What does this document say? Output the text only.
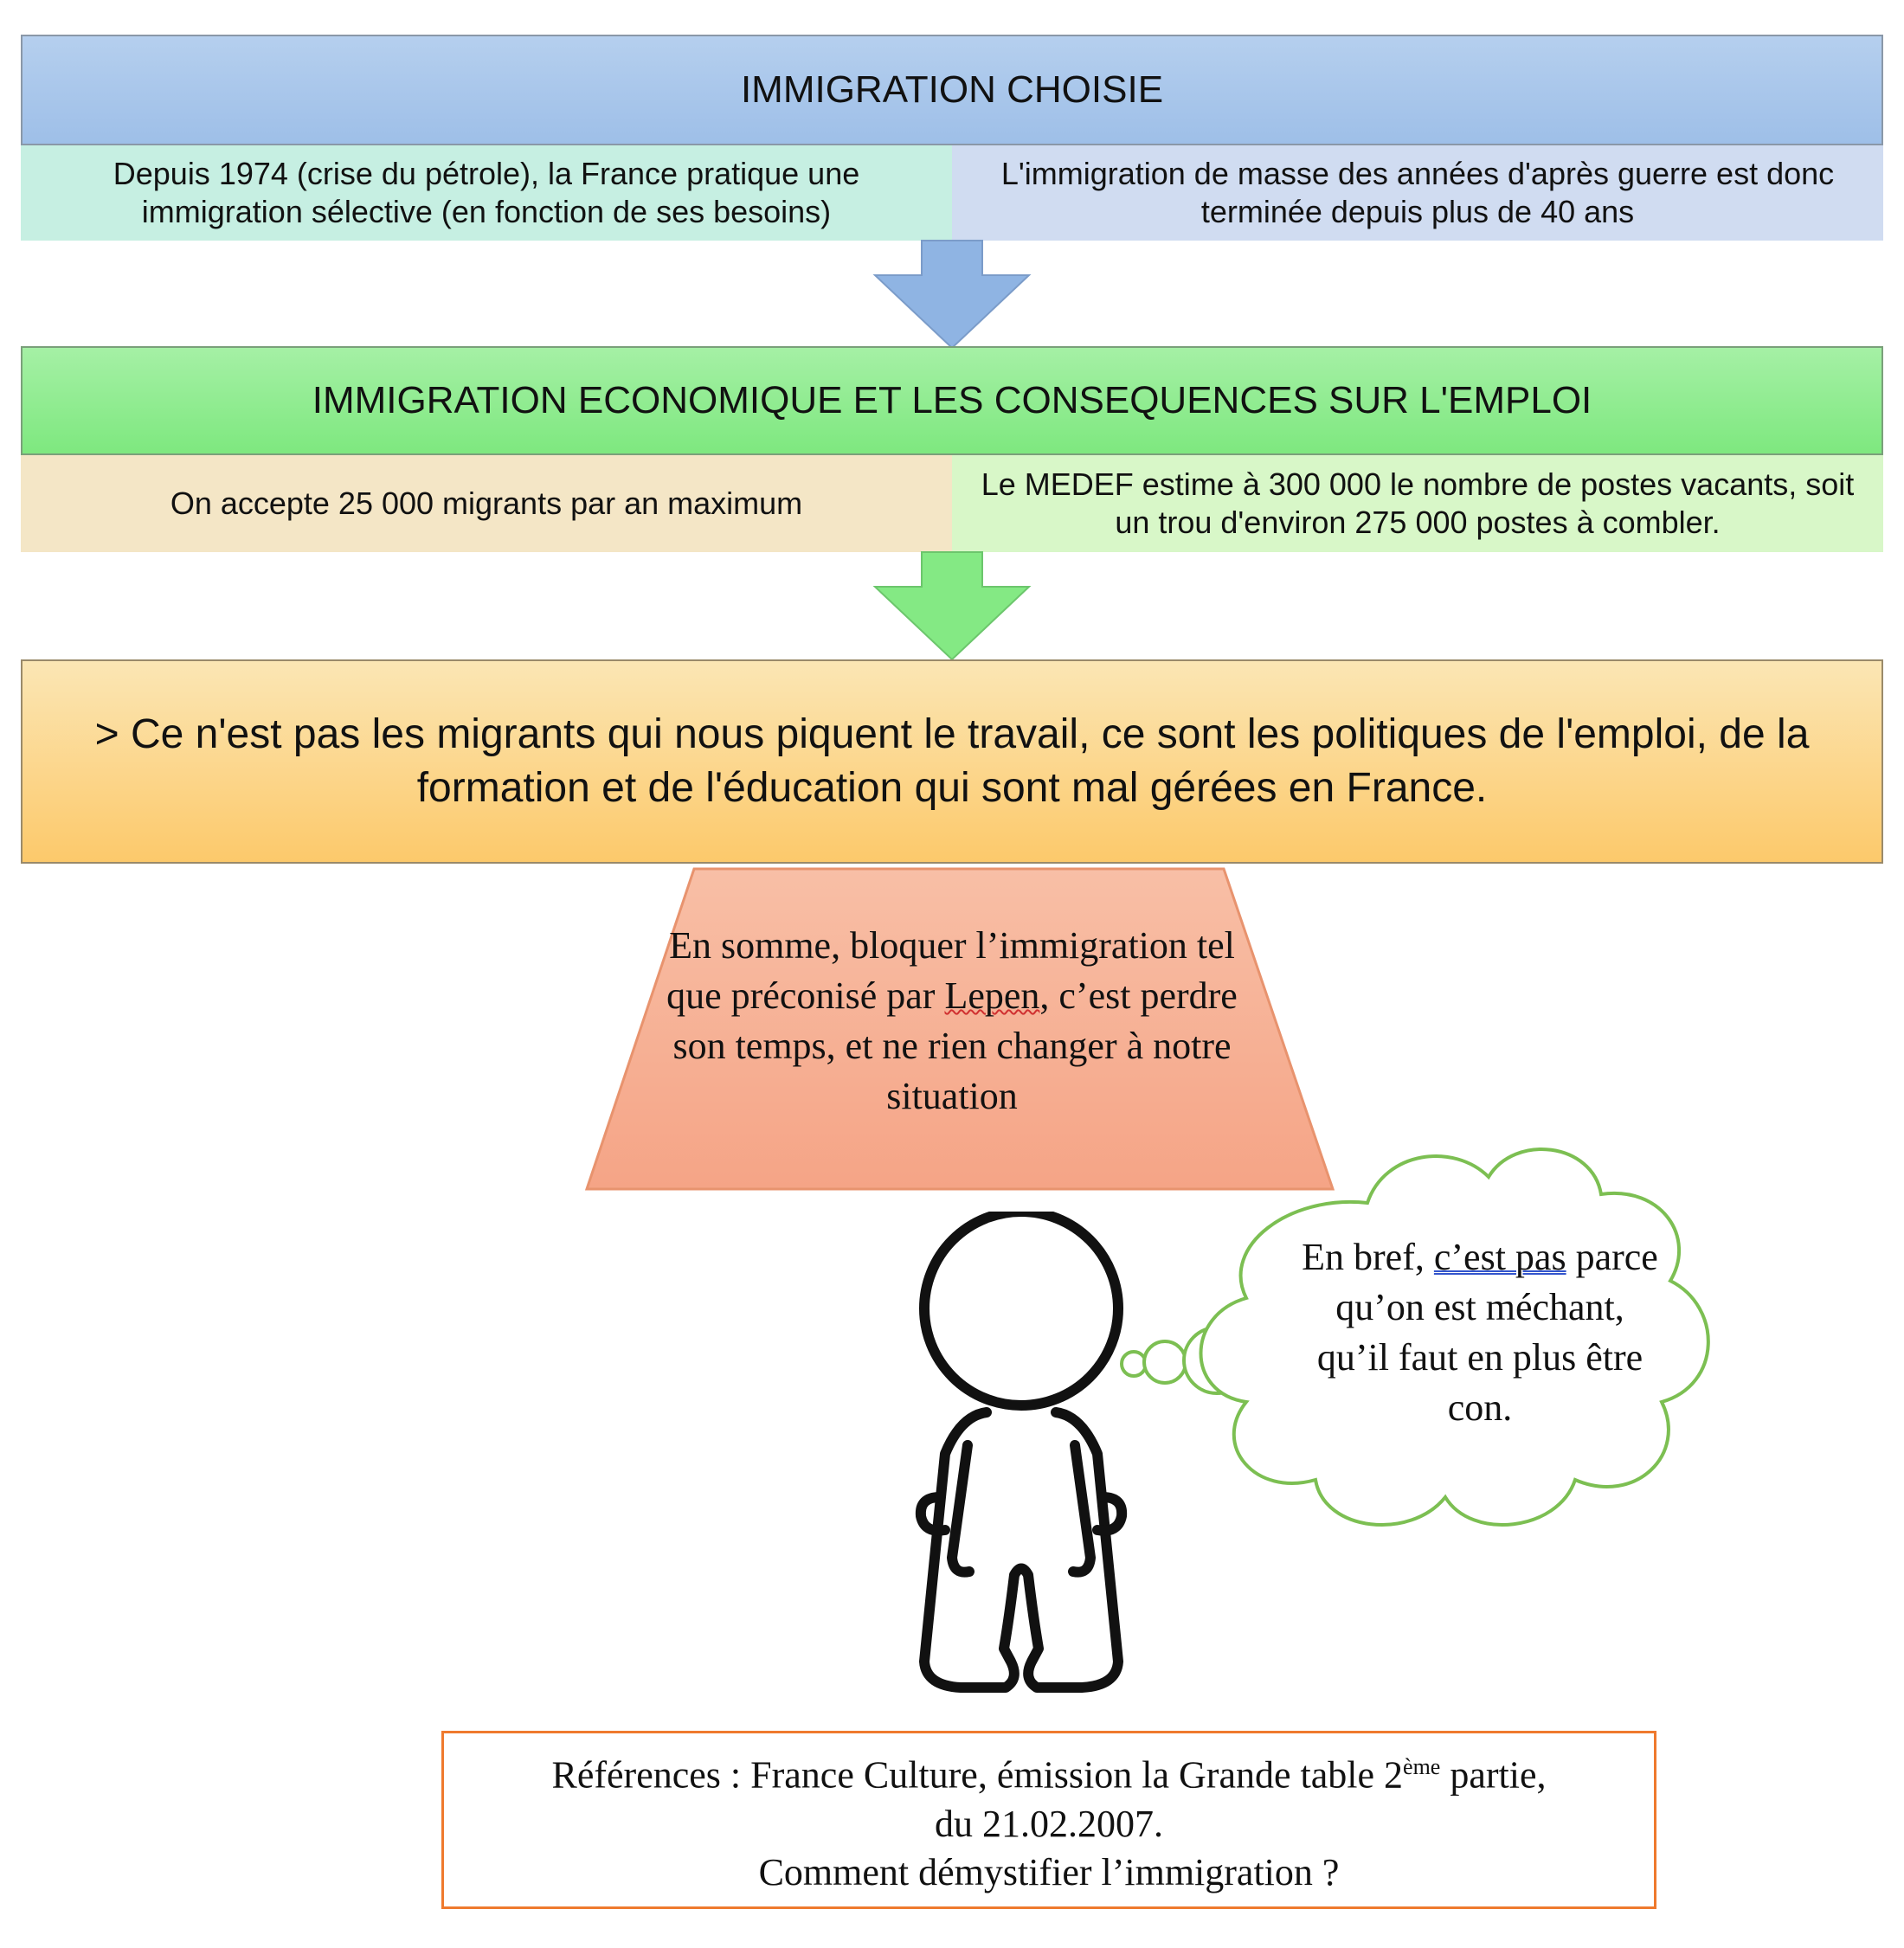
IMMIGRATION CHOISIE
Depuis 1974 (crise du pétrole), la France pratique une immigration sélective (en fonction de ses besoins)
L'immigration de masse des années d'après guerre est donc terminée depuis plus de 40 ans
IMMIGRATION ECONOMIQUE ET LES CONSEQUENCES SUR L'EMPLOI
On accepte 25 000 migrants par an maximum
Le MEDEF estime à 300 000 le nombre de postes vacants, soit un trou d'environ 275 000 postes à combler.
> Ce n'est pas les migrants qui nous piquent le travail, ce sont les politiques de l'emploi, de la formation et de l'éducation qui sont mal gérées en France.
En somme, bloquer l’immigration tel que préconisé par Lepen, c’est perdre son temps, et ne rien changer à notre situation
En bref, c’est pas parce qu’on est méchant, qu’il faut en plus être con.
Références : France Culture, émission la Grande table 2ème partie,
du 21.02.2007.
Comment démystifier l’immigration ?
